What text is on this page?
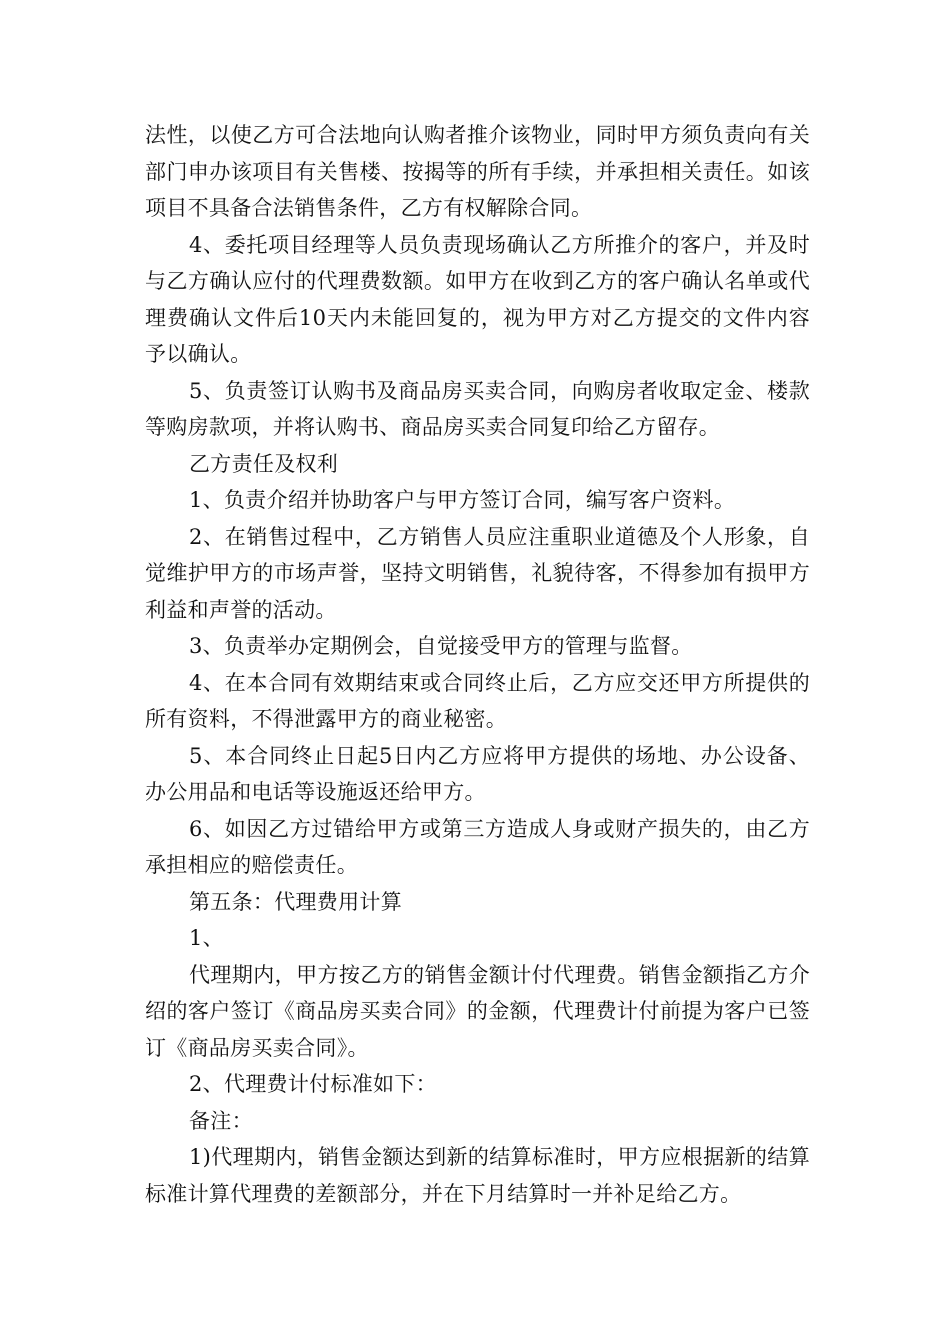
法性，以使乙方可合法地向认购者推介该物业，同时甲方须负责向有关部门申办该项目有关售楼、按揭等的所有手续，并承担相关责任。如该项目不具备合法销售条件，乙方有权解除合同。

4、委托项目经理等人员负责现场确认乙方所推介的客户，并及时与乙方确认应付的代理费数额。如甲方在收到乙方的客户确认名单或代理费确认文件后10天内未能回复的，视为甲方对乙方提交的文件内容予以确认。

5、负责签订认购书及商品房买卖合同，向购房者收取定金、楼款等购房款项，并将认购书、商品房买卖合同复印给乙方留存。

乙方责任及权利

1、负责介绍并协助客户与甲方签订合同，编写客户资料。

2、在销售过程中，乙方销售人员应注重职业道德及个人形象，自觉维护甲方的市场声誉，坚持文明销售，礼貌待客，不得参加有损甲方利益和声誉的活动。

3、负责举办定期例会，自觉接受甲方的管理与监督。

4、在本合同有效期结束或合同终止后，乙方应交还甲方所提供的所有资料，不得泄露甲方的商业秘密。

5、本合同终止日起5日内乙方应将甲方提供的场地、办公设备、办公用品和电话等设施返还给甲方。

6、如因乙方过错给甲方或第三方造成人身或财产损失的，由乙方承担相应的赔偿责任。

第五条：代理费用计算

1、

代理期内，甲方按乙方的销售金额计付代理费。销售金额指乙方介绍的客户签订《商品房买卖合同》的金额，代理费计付前提为客户已签订《商品房买卖合同》。

2、代理费计付标准如下：

备注：

1)代理期内，销售金额达到新的结算标准时，甲方应根据新的结算标准计算代理费的差额部分，并在下月结算时一并补足给乙方。
